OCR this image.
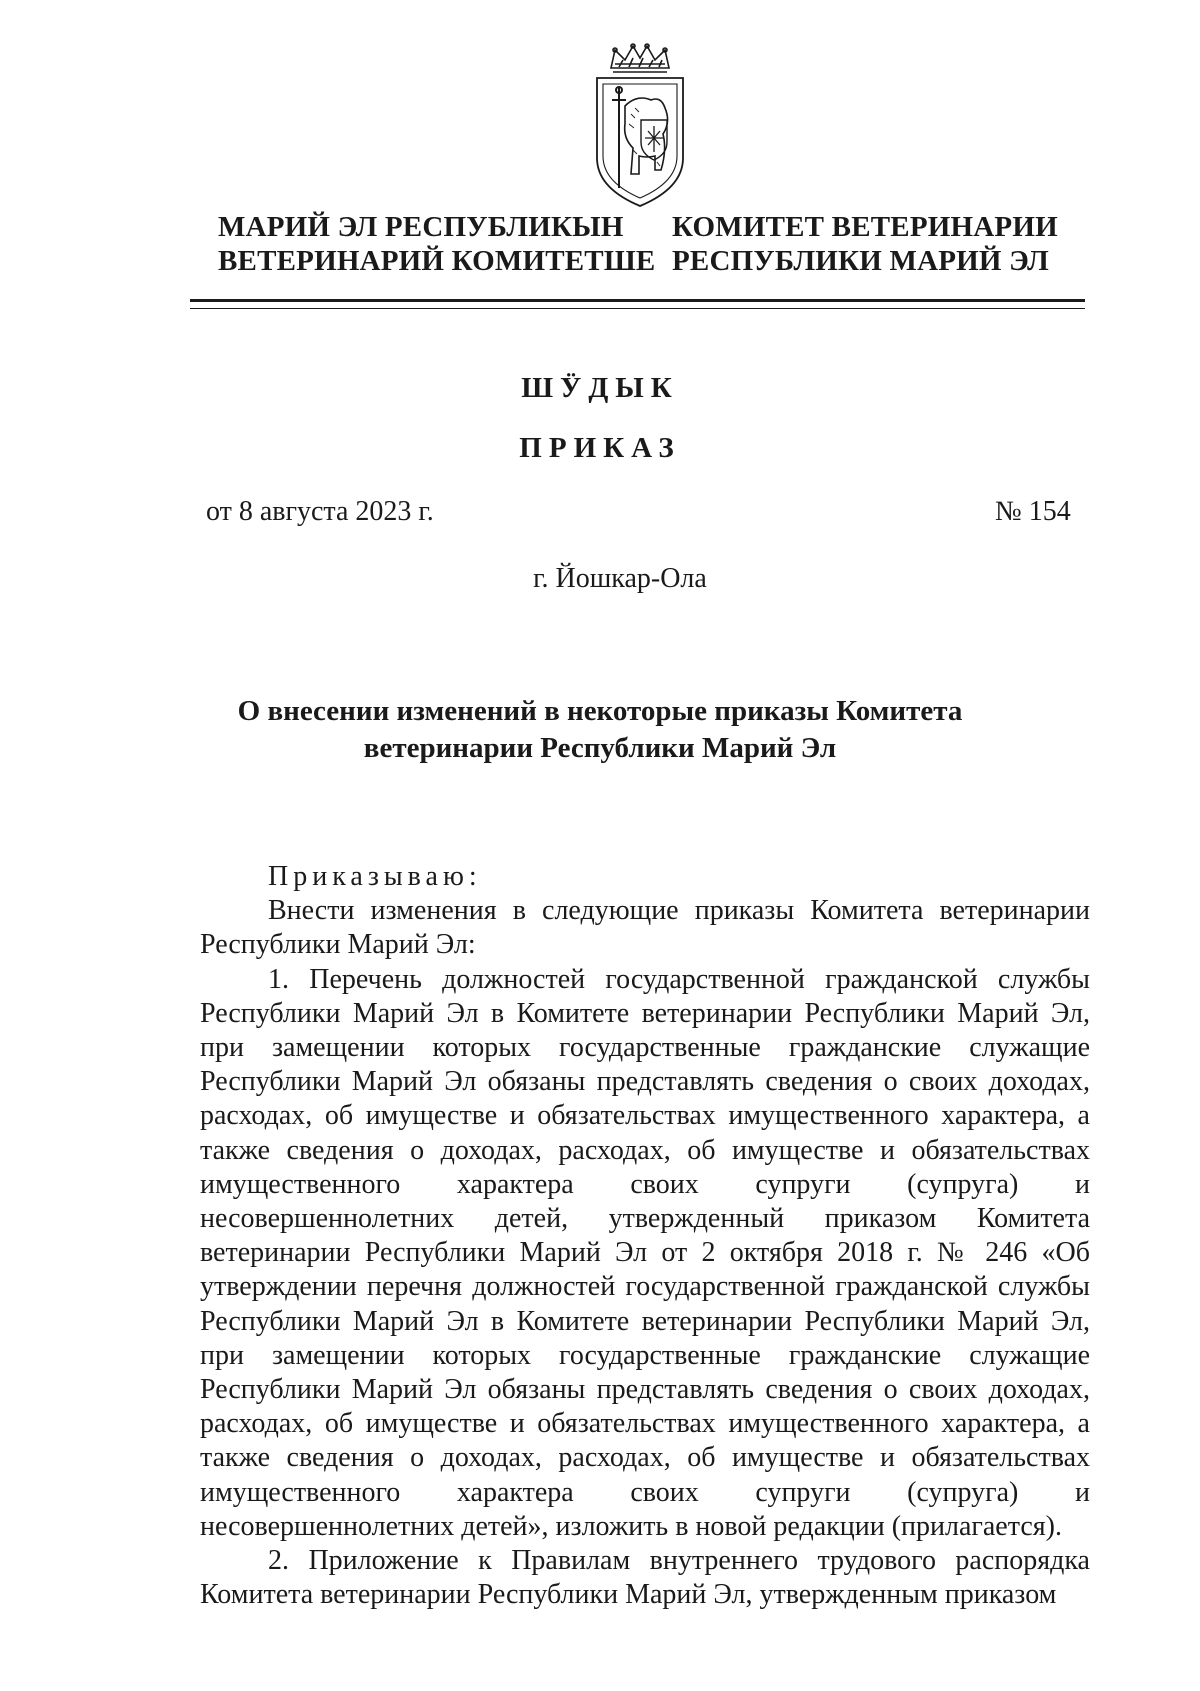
МАРИЙ ЭЛ РЕСПУБЛИКЫН
ВЕТЕРИНАРИЙ КОМИТЕТШЕ
КОМИТЕТ ВЕТЕРИНАРИИ
РЕСПУБЛИКИ МАРИЙ ЭЛ
ШӰДЫК
ПРИКАЗ
от 8 августа 2023 г.	№ 154
г. Йошкар-Ола
О внесении изменений в некоторые приказы Комитета
ветеринарии Республики Марий Эл

Приказываю:

Внести изменения в следующие приказы Комитета ветеринарии Республики Марий Эл:

1. Перечень должностей государственной гражданской службы Республики Марий Эл в Комитете ветеринарии Республики Марий Эл, при замещении которых государственные гражданские служащие Республики Марий Эл обязаны представлять сведения о своих доходах, расходах, об имуществе и обязательствах имущественного характера, а также сведения о доходах, расходах, об имуществе и обязательствах имущественного характера своих супруги (супруга) и несовершеннолетних детей, утвержденный приказом Комитета ветеринарии Республики Марий Эл от 2 октября 2018 г. № 246 «Об утверждении перечня должностей государственной гражданской службы Республики Марий Эл в Комитете ветеринарии Республики Марий Эл, при замещении которых государственные гражданские служащие Республики Марий Эл обязаны представлять сведения о своих доходах, расходах, об имуществе и обязательствах имущественного характера, а также сведения о доходах, расходах, об имуществе и обязательствах имущественного характера своих супруги (супруга) и несовершеннолетних детей», изложить в новой редакции (прилагается).

2. Приложение к Правилам внутреннего трудового распорядка Комитета ветеринарии Республики Марий Эл, утвержденным приказом
